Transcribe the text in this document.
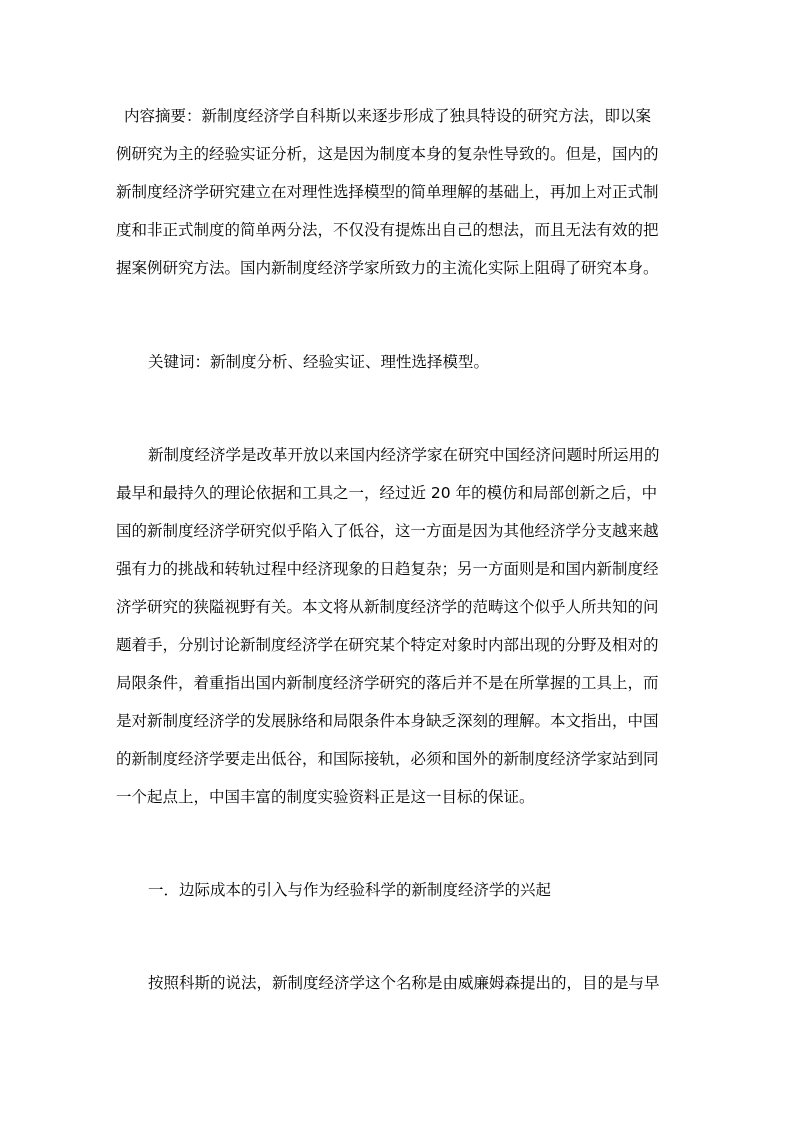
内容摘要：新制度经济学自科斯以来逐步形成了独具特设的研究方法，即以案
例研究为主的经验实证分析，这是因为制度本身的复杂性导致的。但是，国内的
新制度经济学研究建立在对理性选择模型的简单理解的基础上，再加上对正式制
度和非正式制度的简单两分法，不仅没有提炼出自己的想法，而且无法有效的把
握案例研究方法。国内新制度经济学家所致力的主流化实际上阻碍了研究本身。
关键词：新制度分析、经验实证、理性选择模型。
新制度经济学是改革开放以来国内经济学家在研究中国经济问题时所运用的
最早和最持久的理论依据和工具之一，经过近 20 年的模仿和局部创新之后，中
国的新制度经济学研究似乎陷入了低谷，这一方面是因为其他经济学分支越来越
强有力的挑战和转轨过程中经济现象的日趋复杂；另一方面则是和国内新制度经
济学研究的狭隘视野有关。本文将从新制度经济学的范畴这个似乎人所共知的问
题着手，分别讨论新制度经济学在研究某个特定对象时内部出现的分野及相对的
局限条件，着重指出国内新制度经济学研究的落后并不是在所掌握的工具上，而
是对新制度经济学的发展脉络和局限条件本身缺乏深刻的理解。本文指出，中国
的新制度经济学要走出低谷，和国际接轨，必须和国外的新制度经济学家站到同
一个起点上，中国丰富的制度实验资料正是这一目标的保证。
一．边际成本的引入与作为经验科学的新制度经济学的兴起
按照科斯的说法，新制度经济学这个名称是由威廉姆森提出的，目的是与早
